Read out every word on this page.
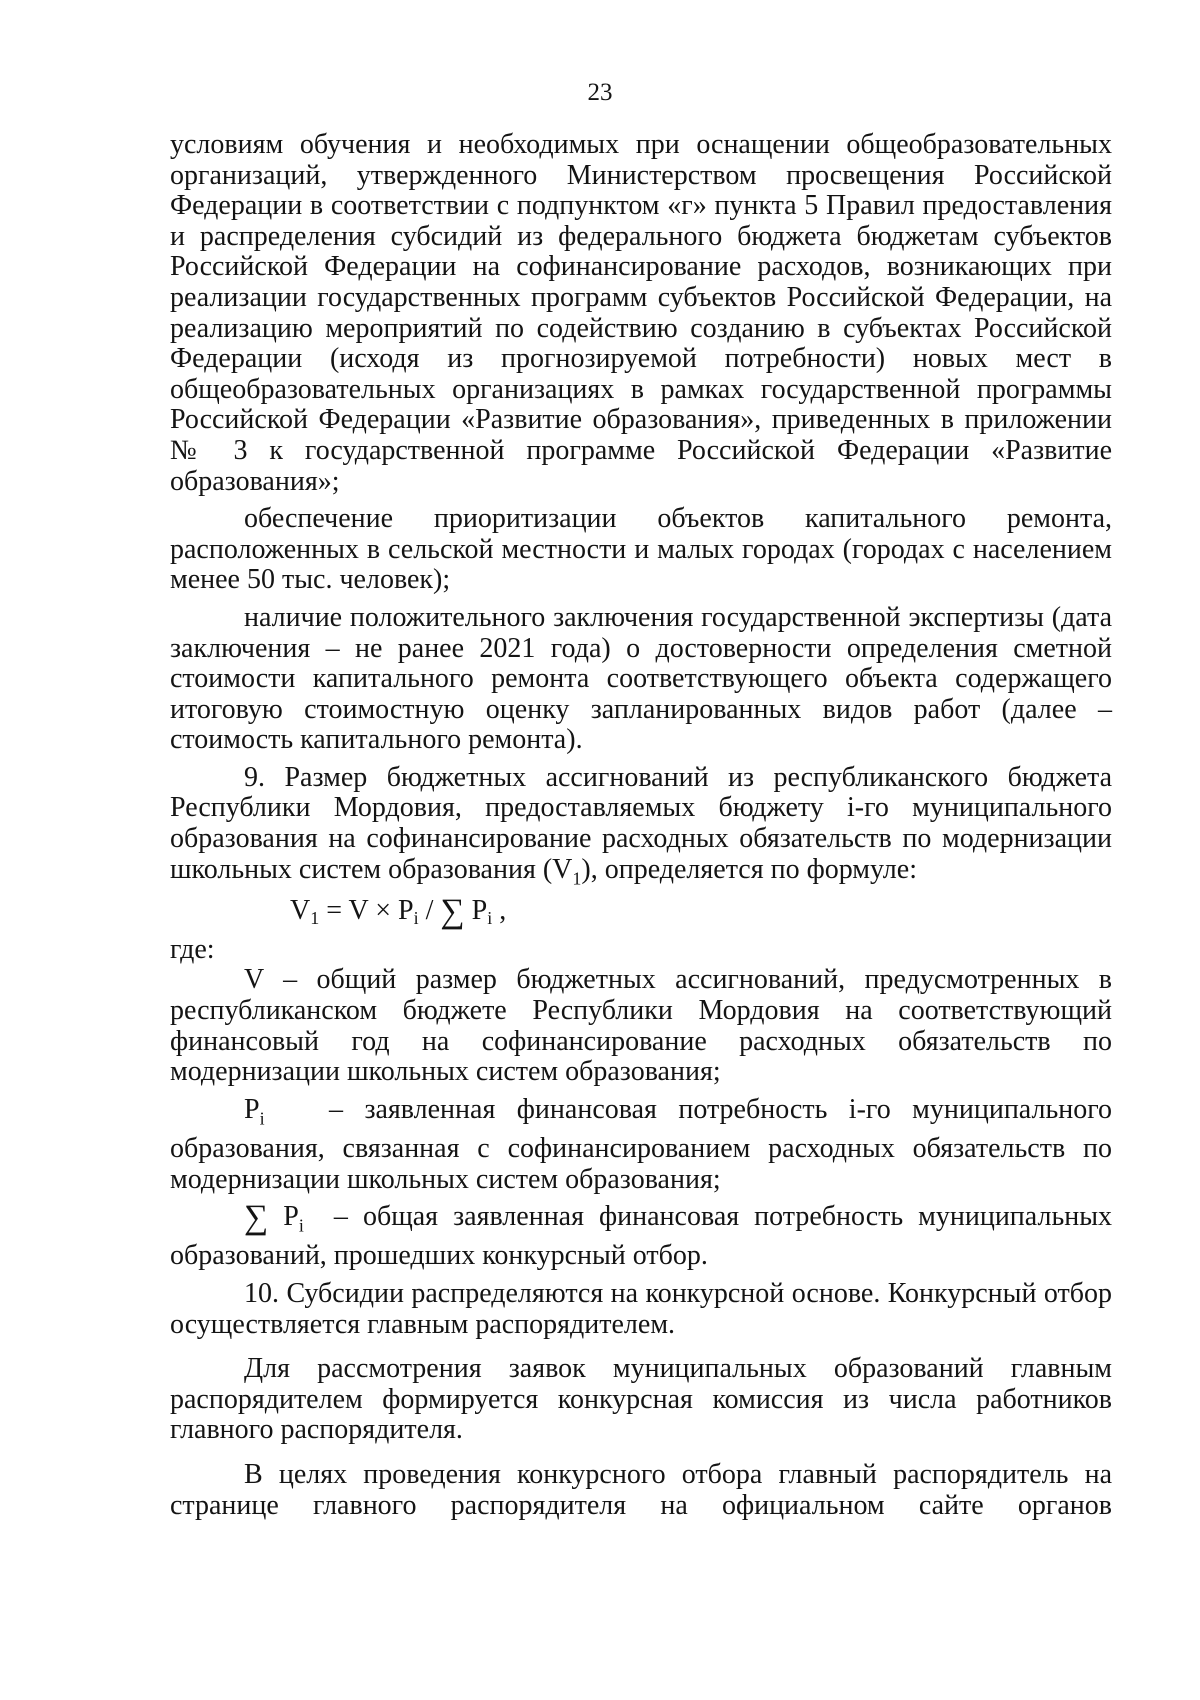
23

условиям обучения и необходимых при оснащении общеобразовательных организаций, утвержденного Министерством просвещения Российской Федерации в соответствии с подпунктом «г» пункта 5 Правил предоставления и распределения субсидий из федерального бюджета бюджетам субъектов Российской Федерации на софинансирование расходов, возникающих при реализации государственных программ субъектов Российской Федерации, на реализацию мероприятий по содействию созданию в субъектах Российской Федерации (исходя из прогнозируемой потребности) новых мест в общеобразовательных организациях в рамках государственной программы Российской Федерации «Развитие образования», приведенных в приложении № 3 к государственной программе Российской Федерации «Развитие образования»;

обеспечение приоритизации объектов капитального ремонта, расположенных в сельской местности и малых городах (городах с населением менее 50 тыс. человек);

наличие положительного заключения государственной экспертизы (дата заключения – не ранее 2021 года) о достоверности определения сметной стоимости капитального ремонта соответствующего объекта содержащего итоговую стоимостную оценку запланированных видов работ (далее – стоимость капитального ремонта).

9. Размер бюджетных ассигнований из республиканского бюджета Республики Мордовия, предоставляемых бюджету i-го муниципального образования на софинансирование расходных обязательств по модернизации школьных систем образования $(V_1)$, определяется по формуле:

$V_1 = V \times P_i$ / ∑ $P_i$ ,

где:

V – общий размер бюджетных ассигнований, предусмотренных в республиканском бюджете Республики Мордовия на соответствующий финансовый год на софинансирование расходных обязательств по модернизации школьных систем образования;

$P_i$   – заявленная финансовая потребность i-го муниципального образования, связанная с софинансированием расходных обязательств по модернизации школьных систем образования;

∑ $P_i$  – общая заявленная финансовая потребность муниципальных образований, прошедших конкурсный отбор.

10. Субсидии распределяются на конкурсной основе. Конкурсный отбор осуществляется главным распорядителем.

Для рассмотрения заявок муниципальных образований главным распорядителем формируется конкурсная комиссия из числа работников главного распорядителя.

В целях проведения конкурсного отбора главный распорядитель на странице главного распорядителя на официальном сайте органов
